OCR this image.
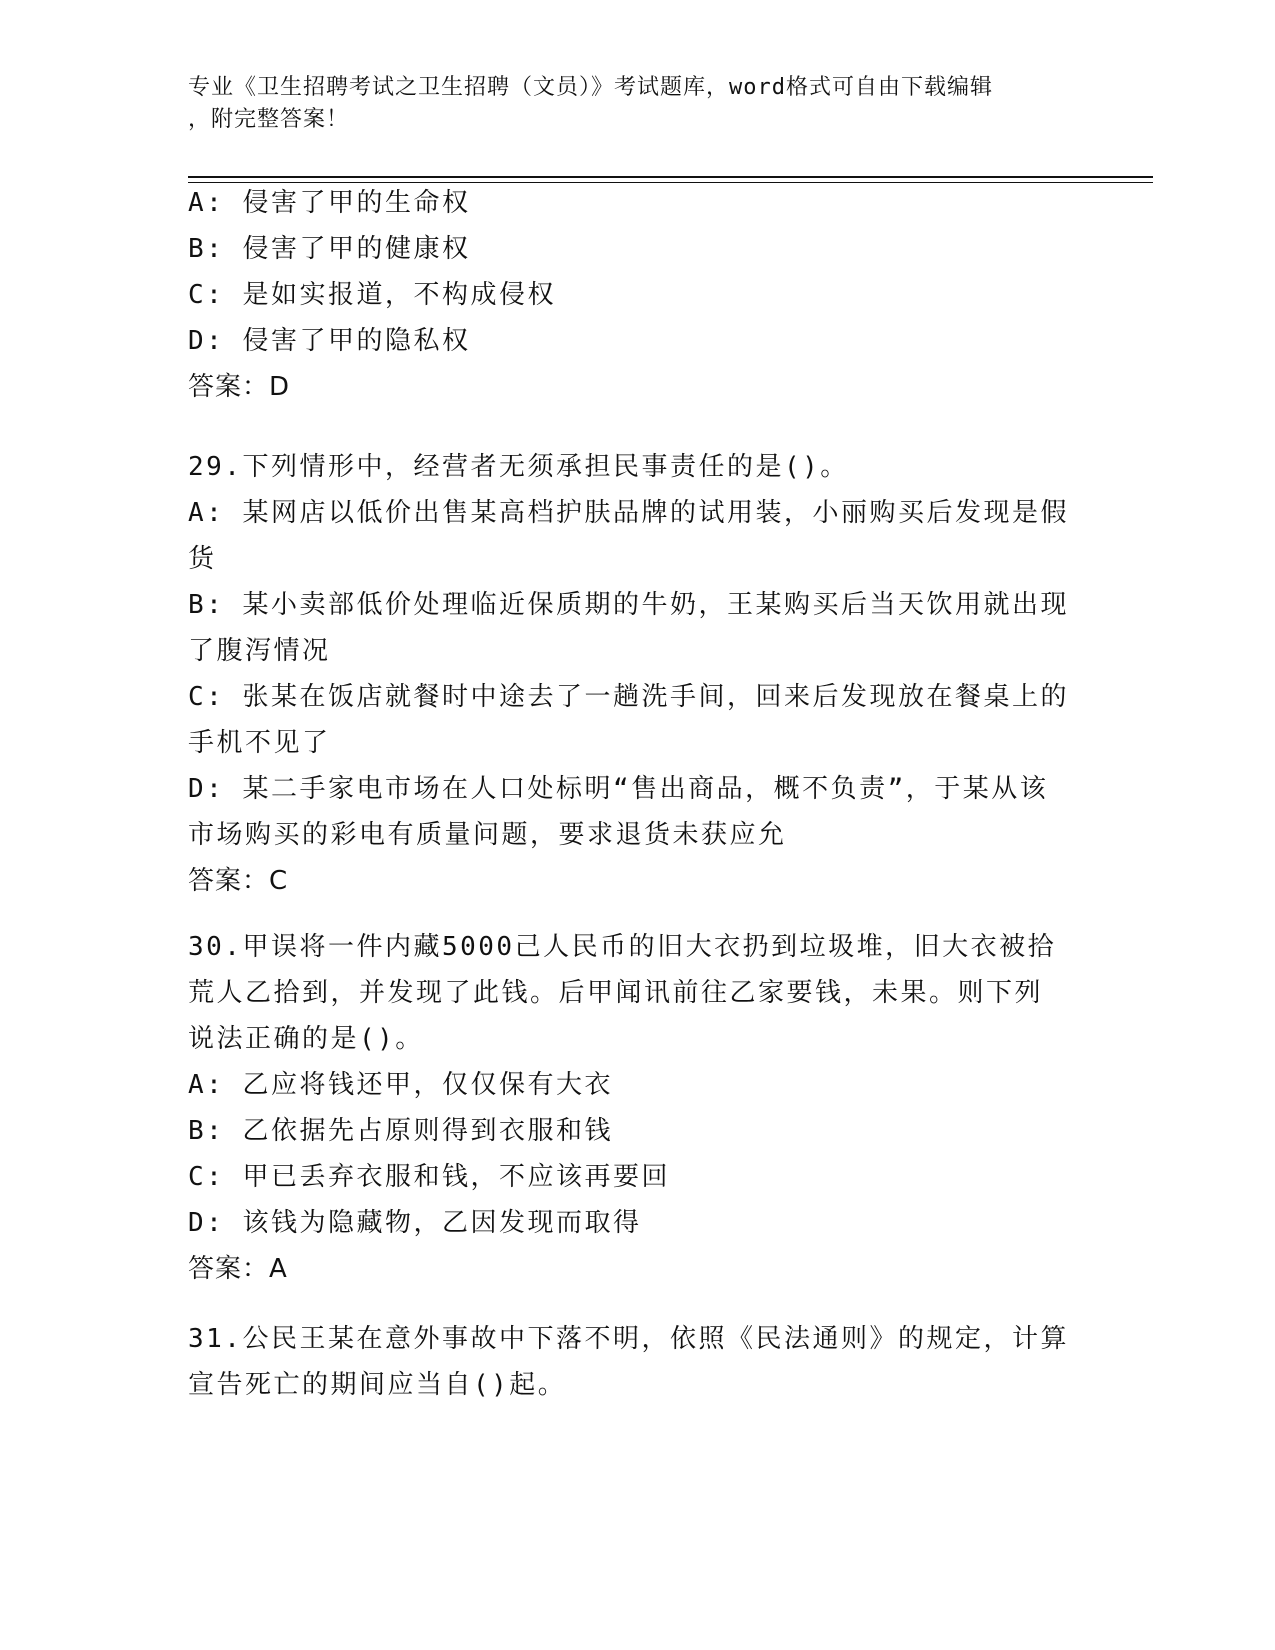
专业《卫生招聘考试之卫生招聘（文员）》考试题库，word格式可自由下载编辑
，附完整答案！
A: 侵害了甲的生命权
B: 侵害了甲的健康权
C: 是如实报道，不构成侵权
D: 侵害了甲的隐私权
答案：D
29.下列情形中，经营者无须承担民事责任的是()。
A: 某网店以低价出售某高档护肤品牌的试用装，小丽购买后发现是假
货
B: 某小卖部低价处理临近保质期的牛奶，王某购买后当天饮用就出现
了腹泻情况
C: 张某在饭店就餐时中途去了一趟洗手间，回来后发现放在餐桌上的
手机不见了
D: 某二手家电市场在人口处标明“售出商品，概不负责”，于某从该
市场购买的彩电有质量问题，要求退货未获应允
答案：C
30.甲误将一件内藏5000己人民币的旧大衣扔到垃圾堆，旧大衣被拾
荒人乙拾到，并发现了此钱。后甲闻讯前往乙家要钱，未果。则下列
说法正确的是()。
A: 乙应将钱还甲，仅仅保有大衣
B: 乙依据先占原则得到衣服和钱
C: 甲已丢弃衣服和钱，不应该再要回
D: 该钱为隐藏物，乙因发现而取得
答案：A
31.公民王某在意外事故中下落不明，依照《民法通则》的规定，计算
宣告死亡的期间应当自()起。
